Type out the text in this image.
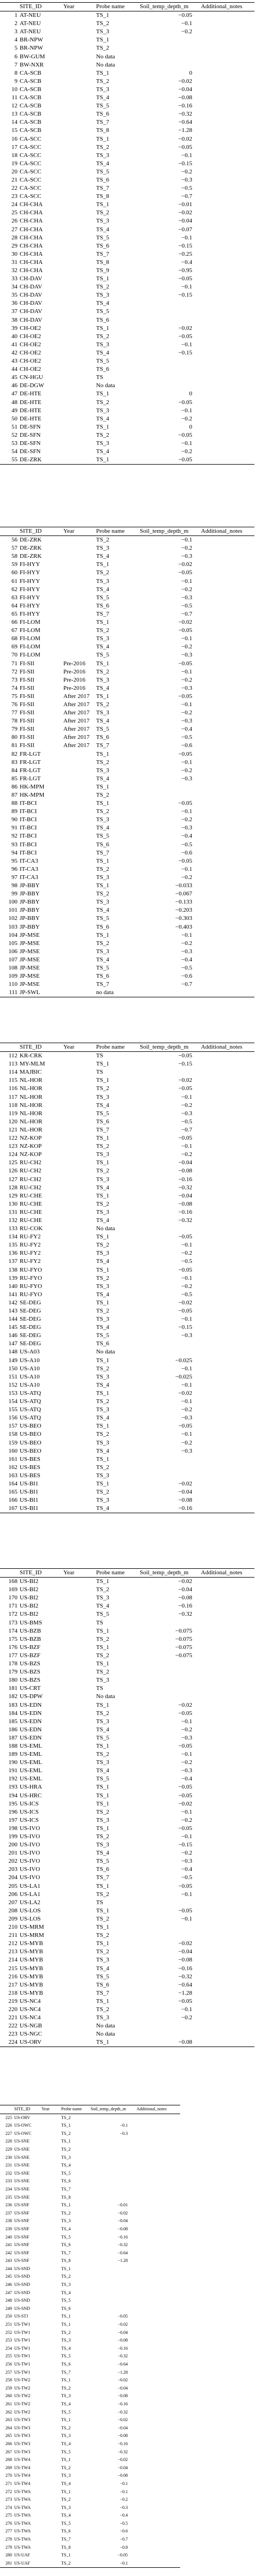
	SITE_ID	Year	Probe name	Soil_temp_depth_m	Additional_notes
1	AT-NEU		TS_1	−0.05	
2	AT-NEU		TS_2	−0.1	
3	AT-NEU		TS_3	−0.2	
4	BR-NPW		TS_1		
5	BR-NPW		TS_2		
6	BW-GUM		No data		
7	BW-NXR		No data		
8	CA-SCB		TS_1	0	
9	CA-SCB		TS_2	−0.02	
10	CA-SCB		TS_3	−0.04	
11	CA-SCB		TS_4	−0.08	
12	CA-SCB		TS_5	−0.16	
13	CA-SCB		TS_6	−0.32	
14	CA-SCB		TS_7	−0.64	
15	CA-SCB		TS_8	−1.28	
16	CA-SCC		TS_1	−0.02	
17	CA-SCC		TS_2	−0.05	
18	CA-SCC		TS_3	−0.1	
19	CA-SCC		TS_4	−0.15	
20	CA-SCC		TS_5	−0.2	
21	CA-SCC		TS_6	−0.3	
22	CA-SCC		TS_7	−0.5	
23	CA-SCC		TS_8	−0.7	
24	CH-CHA		TS_1	−0.01	
25	CH-CHA		TS_2	−0.02	
26	CH-CHA		TS_3	−0.04	
27	CH-CHA		TS_4	−0.07	
28	CH-CHA		TS_5	−0.1	
29	CH-CHA		TS_6	−0.15	
30	CH-CHA		TS_7	−0.25	
31	CH-CHA		TS_8	−0.4	
32	CH-CHA		TS_9	−0.95	
33	CH-DAV		TS_1	−0.05	
34	CH-DAV		TS_2	−0.1	
35	CH-DAV		TS_3	−0.15	
36	CH-DAV		TS_4		
37	CH-DAV		TS_5		
38	CH-DAV		TS_6		
39	CH-OE2		TS_1	−0.02	
40	CH-OE2		TS_2	−0.05	
41	CH-OE2		TS_3	−0.1	
42	CH-OE2		TS_4	−0.15	
43	CH-OE2		TS_5		
44	CH-OE2		TS_6		
45	CN-HGU		TS		
46	DE-DGW		No data		
47	DE-HTE		TS_1	0	
48	DE-HTE		TS_2	−0.05	
49	DE-HTE		TS_3	−0.1	
50	DE-HTE		TS_4	−0.2	
51	DE-SFN		TS_1	0	
52	DE-SFN		TS_2	−0.05	
53	DE-SFN		TS_3	−0.1	
54	DE-SFN		TS_4	−0.2	
55	DE-ZRK		TS_1	−0.05	
	SITE_ID	Year	Probe name	Soil_temp_depth_m	Additional_notes
56	DE-ZRK		TS_2	−0.1	
57	DE-ZRK		TS_3	−0.2	
58	DE-ZRK		TS_4	−0.3	
59	FI-HYY		TS_1	−0.02	
60	FI-HYY		TS_2	−0.05	
61	FI-HYY		TS_3	−0.1	
62	FI-HYY		TS_4	−0.2	
63	FI-HYY		TS_5	−0.3	
64	FI-HYY		TS_6	−0.5	
65	FI-HYY		TS_7	−0.7	
66	FI-LOM		TS_1	−0.02	
67	FI-LOM		TS_2	−0.05	
68	FI-LOM		TS_3	−0.1	
69	FI-LOM		TS_4	−0.2	
70	FI-LOM		TS_5	−0.3	
71	FI-SII	Pre-2016	TS_1	−0.05	
72	FI-SII	Pre-2016	TS_2	−0.1	
73	FI-SII	Pre-2016	TS_3	−0.2	
74	FI-SII	Pre-2016	TS_4	−0.3	
75	FI-SII	After 2017	TS_1	−0.05	
76	FI-SII	After 2017	TS_2	−0.1	
77	FI-SII	After 2017	TS_3	−0.2	
78	FI-SII	After 2017	TS_4	−0.3	
79	FI-SII	After 2017	TS_5	−0.4	
80	FI-SII	After 2017	TS_6	−0.5	
81	FI-SII	After 2017	TS_7	−0.6	
82	FR-LGT		TS_1	−0.05	
83	FR-LGT		TS_2	−0.1	
84	FR-LGT		TS_3	−0.2	
85	FR-LGT		TS_4	−0.3	
86	HK-MPM		TS_1		
87	HK-MPM		TS_2		
88	IT-BCI		TS_1	−0.05	
89	IT-BCI		TS_2	−0.1	
90	IT-BCI		TS_3	−0.2	
91	IT-BCI		TS_4	−0.3	
92	IT-BCI		TS_5	−0.4	
93	IT-BCI		TS_6	−0.5	
94	IT-BCI		TS_7	−0.6	
95	IT-CA3		TS_1	−0.05	
96	IT-CA3		TS_2	−0.1	
97	IT-CA3		TS_3	−0.2	
98	JP-BBY		TS_1	−0.033	
99	JP-BBY		TS_2	−0.067	
100	JP-BBY		TS_3	−0.133	
101	JP-BBY		TS_4	−0.203	
102	JP-BBY		TS_5	−0.303	
103	JP-BBY		TS_6	−0.403	
104	JP-MSE		TS_1	−0.1	
105	JP-MSE		TS_2	−0.2	
106	JP-MSE		TS_3	−0.3	
107	JP-MSE		TS_4	−0.4	
108	JP-MSE		TS_5	−0.5	
109	JP-MSE		TS_6	−0.6	
110	JP-MSE		TS_7	−0.7	
111	JP-SWL		no data		
	SITE_ID	Year	Probe name	Soil_temp_depth_m	Additional_notes
112	KR-CRK		TS	−0.05	
113	MY-MLM		TS_1	−0.15	
114	MAJBIC		TS		
115	NL-HOR		TS_1	−0.02	
116	NL-HOR		TS_2	−0.05	
117	NL-HOR		TS_3	−0.1	
118	NL-HOR		TS_4	−0.2	
119	NL-HOR		TS_5	−0.3	
120	NL-HOR		TS_6	−0.5	
121	NL-HOR		TS_7	−0.7	
122	NZ-KOP		TS_1	−0.05	
123	NZ-KOP		TS_2	−0.1	
124	NZ-KOP		TS_3	−0.2	
125	RU-CH2		TS_1	−0.04	
126	RU-CH2		TS_2	−0.08	
127	RU-CH2		TS_3	−0.16	
128	RU-CH2		TS_4	−0.32	
129	RU-CHE		TS_1	−0.04	
130	RU-CHE		TS_2	−0.08	
131	RU-CHE		TS_3	−0.16	
132	RU-CHE		TS_4	−0.32	
133	RU-COK		No data		
134	RU-FY2		TS_1	−0.05	
135	RU-FY2		TS_2	−0.1	
136	RU-FY2		TS_3	−0.2	
137	RU-FY2		TS_4	−0.5	
138	RU-FYO		TS_1	−0.05	
139	RU-FYO		TS_2	−0.1	
140	RU-FYO		TS_3	−0.2	
141	RU-FYO		TS_4	−0.5	
142	SE-DEG		TS_1	−0.02	
143	SE-DEG		TS_2	−0.05	
144	SE-DEG		TS_3	−0.1	
145	SE-DEG		TS_4	−0.15	
146	SE-DEG		TS_5	−0.3	
147	SE-DEG		TS_6		
148	US-A03		No data		
149	US-A10		TS_1	−0.025	
150	US-A10		TS_2	−0.1	
151	US-A10		TS_3	−0.025	
152	US-A10		TS_4	−0.1	
153	US-ATQ		TS_1	−0.02	
154	US-ATQ		TS_2	−0.1	
155	US-ATQ		TS_3	−0.2	
156	US-ATQ		TS_4	−0.3	
157	US-BEO		TS_1	−0.05	
158	US-BEO		TS_2	−0.1	
159	US-BEO		TS_3	−0.2	
160	US-BEO		TS_4	−0.3	
161	US-BES		TS_1		
162	US-BES		TS_2		
163	US-BES		TS_3		
164	US-BI1		TS_1	−0.02	
165	US-BI1		TS_2	−0.04	
166	US-BI1		TS_3	−0.08	
167	US-BI1		TS_4	−0.16	
	SITE_ID	Year	Probe name	Soil_temp_depth_m	Additional_notes
168	US-BI2		TS_1	−0.02	
169	US-BI2		TS_2	−0.04	
170	US-BI2		TS_3	−0.08	
171	US-BI2		TS_4	−0.16	
172	US-BI2		TS_5	−0.32	
173	US-BMS		TS		
174	US-BZB		TS_1	−0.075	
175	US-BZB		TS_2	−0.075	
176	US-BZF		TS_1	−0.075	
177	US-BZF		TS_2	−0.075	
178	US-BZS		TS_1		
179	US-BZS		TS_2		
180	US-BZS		TS_3		
181	US-CRT		TS		
182	US-DPW		No data		
183	US-EDN		TS_1	−0.02	
184	US-EDN		TS_2	−0.05	
185	US-EDN		TS_3	−0.1	
186	US-EDN		TS_4	−0.2	
187	US-EDN		TS_5	−0.3	
188	US-EML		TS_1	−0.05	
189	US-EML		TS_2	−0.1	
190	US-EML		TS_3	−0.2	
191	US-EML		TS_4	−0.3	
192	US-EML		TS_5	−0.4	
193	US-HRA		TS_1	−0.05	
194	US-HRC		TS_1	−0.05	
195	US-ICS		TS_1	−0.02	
196	US-ICS		TS_2	−0.1	
197	US-ICS		TS_3	−0.2	
198	US-IVO		TS_1	−0.05	
199	US-IVO		TS_2	−0.1	
200	US-IVO		TS_3	−0.15	
201	US-IVO		TS_4	−0.2	
202	US-IVO		TS_5	−0.3	
203	US-IVO		TS_6	−0.4	
204	US-IVO		TS_7	−0.5	
205	US-LA1		TS_1	−0.05	
206	US-LA1		TS_2	−0.1	
207	US-LA2		TS		
208	US-LOS		TS_1	−0.05	
209	US-LOS		TS_2	−0.1	
210	US-MRM		TS_1		
211	US-MRM		TS_2		
212	US-MYB		TS_1	−0.02	
213	US-MYB		TS_2	−0.04	
214	US-MYB		TS_3	−0.08	
215	US-MYB		TS_4	−0.16	
216	US-MYB		TS_5	−0.32	
217	US-MYB		TS_6	−0.64	
218	US-MYB		TS_7	−1.28	
219	US-NC4		TS_1	−0.05	
220	US-NC4		TS_2	−0.1	
221	US-NC4		TS_3	−0.2	
222	US-NGB		No data		
223	US-NGC		No data		
224	US-ORV		TS_1	−0.08	
	SITE_ID	Year	Probe name	Soil_temp_depth_m	Additional_notes
225	US-ORV		TS_2		
226	US-OWC		TS_1	−0.1	
227	US-OWC		TS_2	−0.3	
228	US-SNE		TS_1		
229	US-SNE		TS_2		
230	US-SNE		TS_3		
231	US-SNE		TS_4		
232	US-SNE		TS_5		
233	US-SNE		TS_6		
234	US-SNE		TS_7		
235	US-SNE		TS_8		
236	US-SNF		TS_1	−0.01	
237	US-SNF		TS_2	−0.02	
238	US-SNF		TS_3	−0.04	
239	US-SNF		TS_4	−0.08	
240	US-SNF		TS_5	−0.16	
241	US-SNF		TS_6	−0.32	
242	US-SNF		TS_7	−0.64	
243	US-SNF		TS_8	−1.28	
244	US-SND		TS_1		
245	US-SND		TS_2		
246	US-SND		TS_3		
247	US-SND		TS_4		
248	US-SND		TS_5		
249	US-SND		TS_6		
250	US-STJ		TS_1	−0.05	
251	US-TW1		TS_1	−0.02	
252	US-TW1		TS_2	−0.04	
253	US-TW1		TS_3	−0.08	
254	US-TW1		TS_4	−0.16	
255	US-TW1		TS_5	−0.32	
256	US-TW1		TS_6	−0.64	
257	US-TW1		TS_7	−1.28	
258	US-TW2		TS_1	−0.02	
259	US-TW2		TS_2	−0.04	
260	US-TW2		TS_3	−0.08	
261	US-TW2		TS_4	−0.16	
262	US-TW2		TS_5	−0.32	
263	US-TW3		TS_1	−0.02	
264	US-TW3		TS_2	−0.04	
265	US-TW3		TS_3	−0.08	
266	US-TW3		TS_4	−0.16	
267	US-TW3		TS_5	−0.32	
268	US-TW4		TS_1	−0.02	
269	US-TW4		TS_2	−0.04	
270	US-TW4		TS_3	−0.08	
271	US-TW4		TS_4	−0.1	
272	US-TWA		TS_1	−0.1	
273	US-TWA		TS_2	−0.2	
274	US-TWA		TS_3	−0.3	
275	US-TWA		TS_4	−0.4	
276	US-TWA		TS_5	−0.5	
277	US-TWA		TS_6	−0.6	
278	US-TWA		TS_7	−0.7	
279	US-TWA		TS_8	−0.8	
280	US-UAF		TS_1	−0.05	
281	US-UAF		TS_2	−0.1	
